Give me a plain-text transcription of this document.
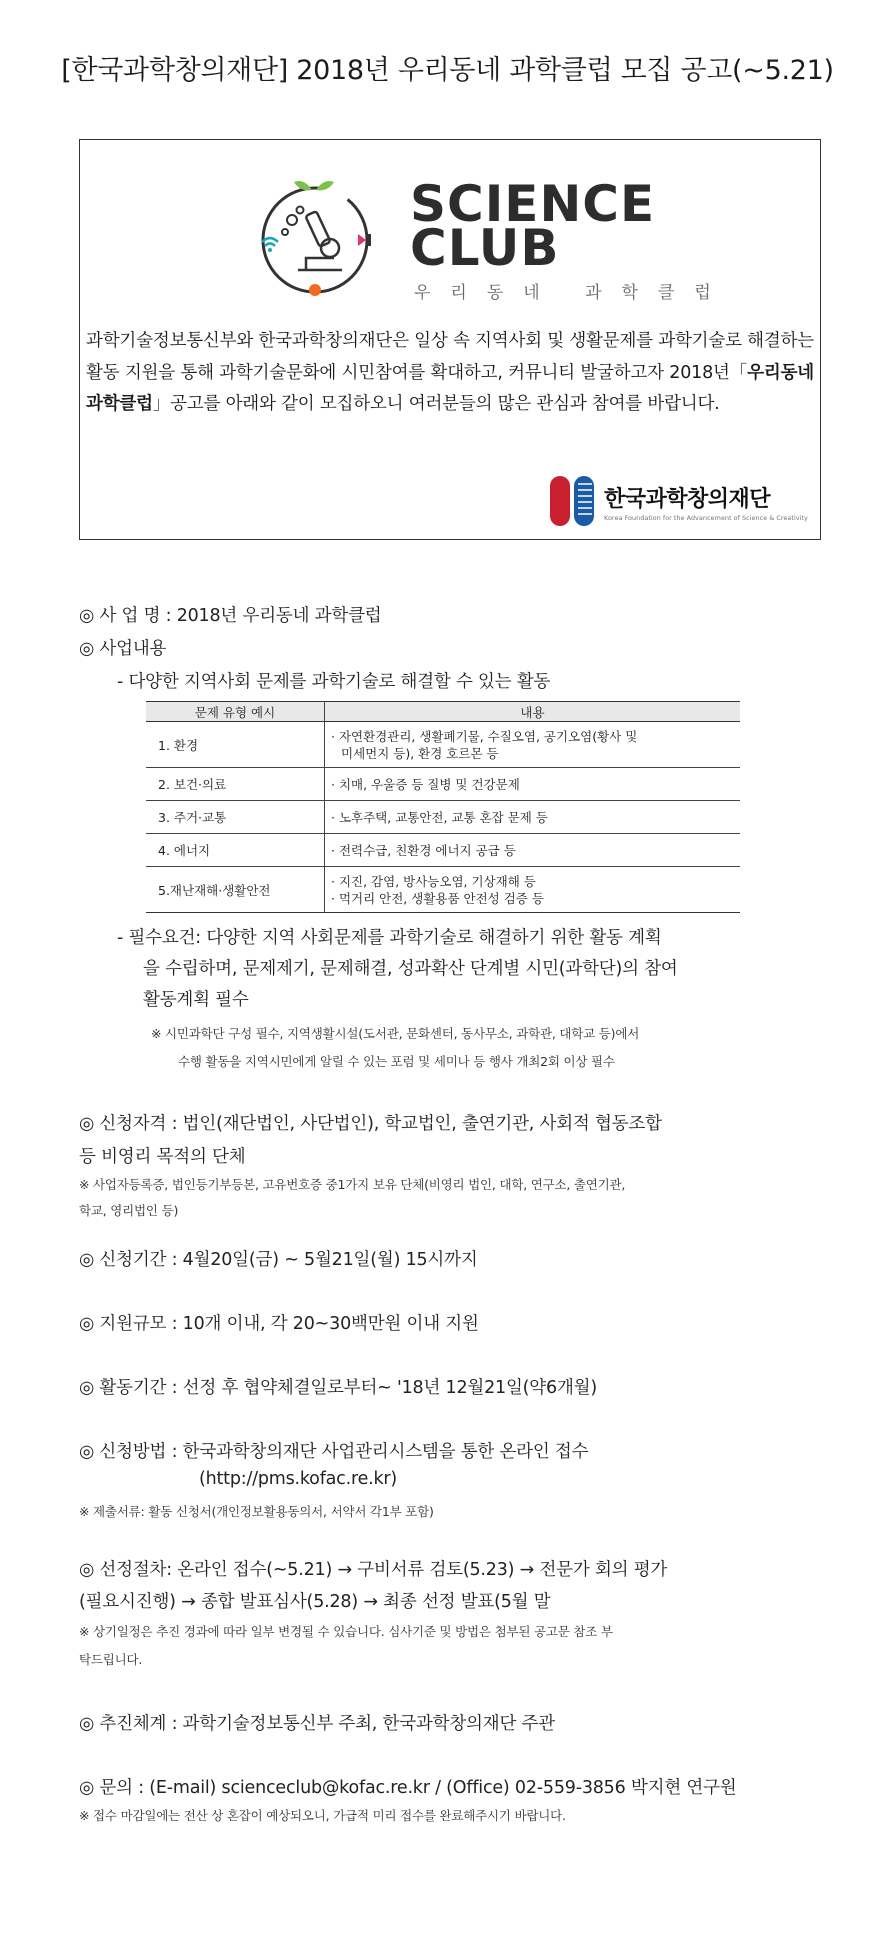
[한국과학창의재단] 2018년 우리동네 과학클럽 모집 공고(~5.21)
SCIENCE
CLUB
우리동네 과학클럽
과학기술정보통신부와 한국과학창의재단은 일상 속 지역사회 및 생활문제를 과학기술로 해결하는 활동 지원을 통해 과학기술문화에 시민참여를 확대하고, 커뮤니티 발굴하고자 2018년「우리동네 과학클럽」공고를 아래와 같이 모집하오니 여러분들의 많은 관심과 참여를 바랍니다.
한국과학창의재단
Korea Foundation for the Advancement of Science & Creativity
◎ 사 업 명 : 2018년 우리동네 과학클럽
◎ 사업내용
- 다양한 지역사회 문제를 과학기술로 해결할 수 있는 활동
문제 유형 예시	내용
1. 환경	· 자연환경관리, 생활폐기물, 수질오염, 공기오염(황사 및
미세먼지 등), 환경 호르몬 등

2. 보건·의료	· 치매, 우울증 등 질병 및 건강문제

3. 주거·교통	· 노후주택, 교통안전, 교통 혼잡 문제 등

4. 에너지	· 전력수급, 친환경 에너지 공급 등

5.재난재해·생활안전	· 지진, 감염, 방사능오염, 기상재해 등
· 먹거리 안전, 생활용품 안전성 검증 등
- 필수요건: 다양한 지역 사회문제를 과학기술로 해결하기 위한 활동 계획
을 수립하며, 문제제기, 문제해결, 성과확산 단계별 시민(과학단)의 참여
활동계획 필수
※ 시민과학단 구성 필수, 지역생활시설(도서관, 문화센터, 동사무소, 과학관, 대학교 등)에서
수행 활동을 지역시민에게 알릴 수 있는 포럼 및 세미나 등 행사 개최2회 이상 필수
◎ 신청자격 : 법인(재단법인, 사단법인), 학교법인, 출연기관, 사회적 협동조합
등 비영리 목적의 단체
※ 사업자등록증, 법인등기부등본, 고유번호증 중1가지 보유 단체(비영리 법인, 대학, 연구소, 출연기관,
학교, 영리법인 등)
◎ 신청기간 : 4월20일(금) ~ 5월21일(월) 15시까지
◎ 지원규모 : 10개 이내, 각 20~30백만원 이내 지원
◎ 활동기간 : 선정 후 협약체결일로부터~ '18년 12월21일(약6개월)
◎ 신청방법 : 한국과학창의재단 사업관리시스템을 통한 온라인 접수
(http://pms.kofac.re.kr)
※ 제출서류: 활동 신청서(개인정보활용동의서, 서약서 각1부 포함)
◎ 선정절차: 온라인 접수(~5.21) → 구비서류 검토(5.23) → 전문가 회의 평가
(필요시진행) → 종합 발표심사(5.28) → 최종 선정 발표(5월 말
※ 상기일정은 추진 경과에 따라 일부 변경될 수 있습니다. 심사기준 및 방법은 첨부된 공고문 참조 부
탁드립니다.
◎ 추진체계 : 과학기술정보통신부 주최, 한국과학창의재단 주관
◎ 문의 : (E-mail) scienceclub@kofac.re.kr / (Office) 02-559-3856 박지현 연구원
※ 접수 마감일에는 전산 상 혼잡이 예상되오니, 가급적 미리 접수를 완료해주시기 바랍니다.
